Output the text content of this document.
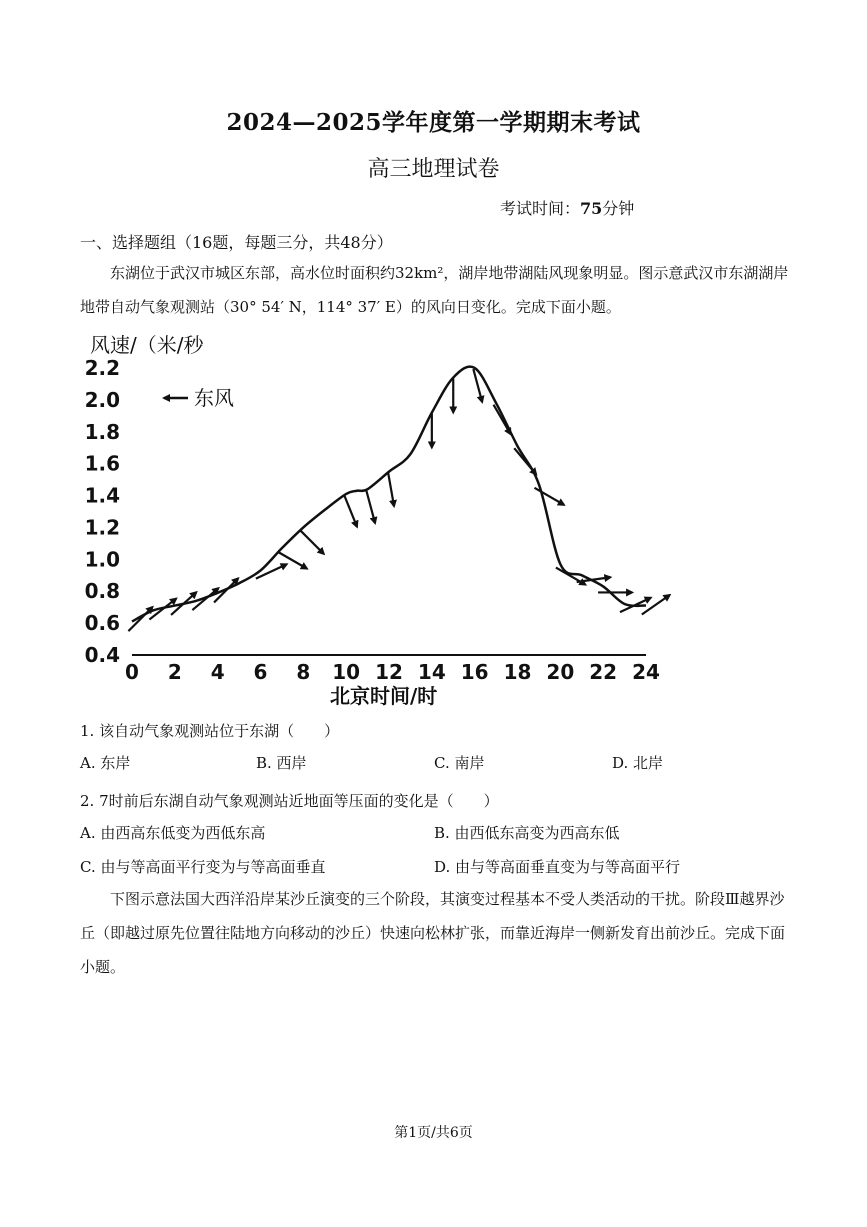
2024—2025学年度第一学期期末考试
高三地理试卷
考试时间：75分钟

一、选择题组（16题，每题三分，共48分）

东湖位于武汉市城区东部，高水位时面积约32km²，湖岸地带湖陆风现象明显。图示意武汉市东湖湖岸地带自动气象观测站（30° 54′ N，114° 37′ E）的风向日变化。完成下面小题。

风速/（米/秒
北京时间/时
东风
0 2 4 6 8 10 12 14 16 18 20 22 24
0.4
0.6
0.8
1.0
1.2
1.4
1.6
1.8
2.0
2.2

1. 该自动气象观测站位于东湖（　　）

A. 东岸	B. 西岸	C. 南岸	D. 北岸

2. 7时前后东湖自动气象观测站近地面等压面的变化是（　　）

A. 由西高东低变为西低东高	B. 由西低东高变为西高东低
C. 由与等高面平行变为与等高面垂直	D. 由与等高面垂直变为与等高面平行

下图示意法国大西洋沿岸某沙丘演变的三个阶段，其演变过程基本不受人类活动的干扰。阶段Ⅲ越界沙丘（即越过原先位置往陆地方向移动的沙丘）快速向松林扩张，而靠近海岸一侧新发育出前沙丘。完成下面小题。

第1页/共6页
